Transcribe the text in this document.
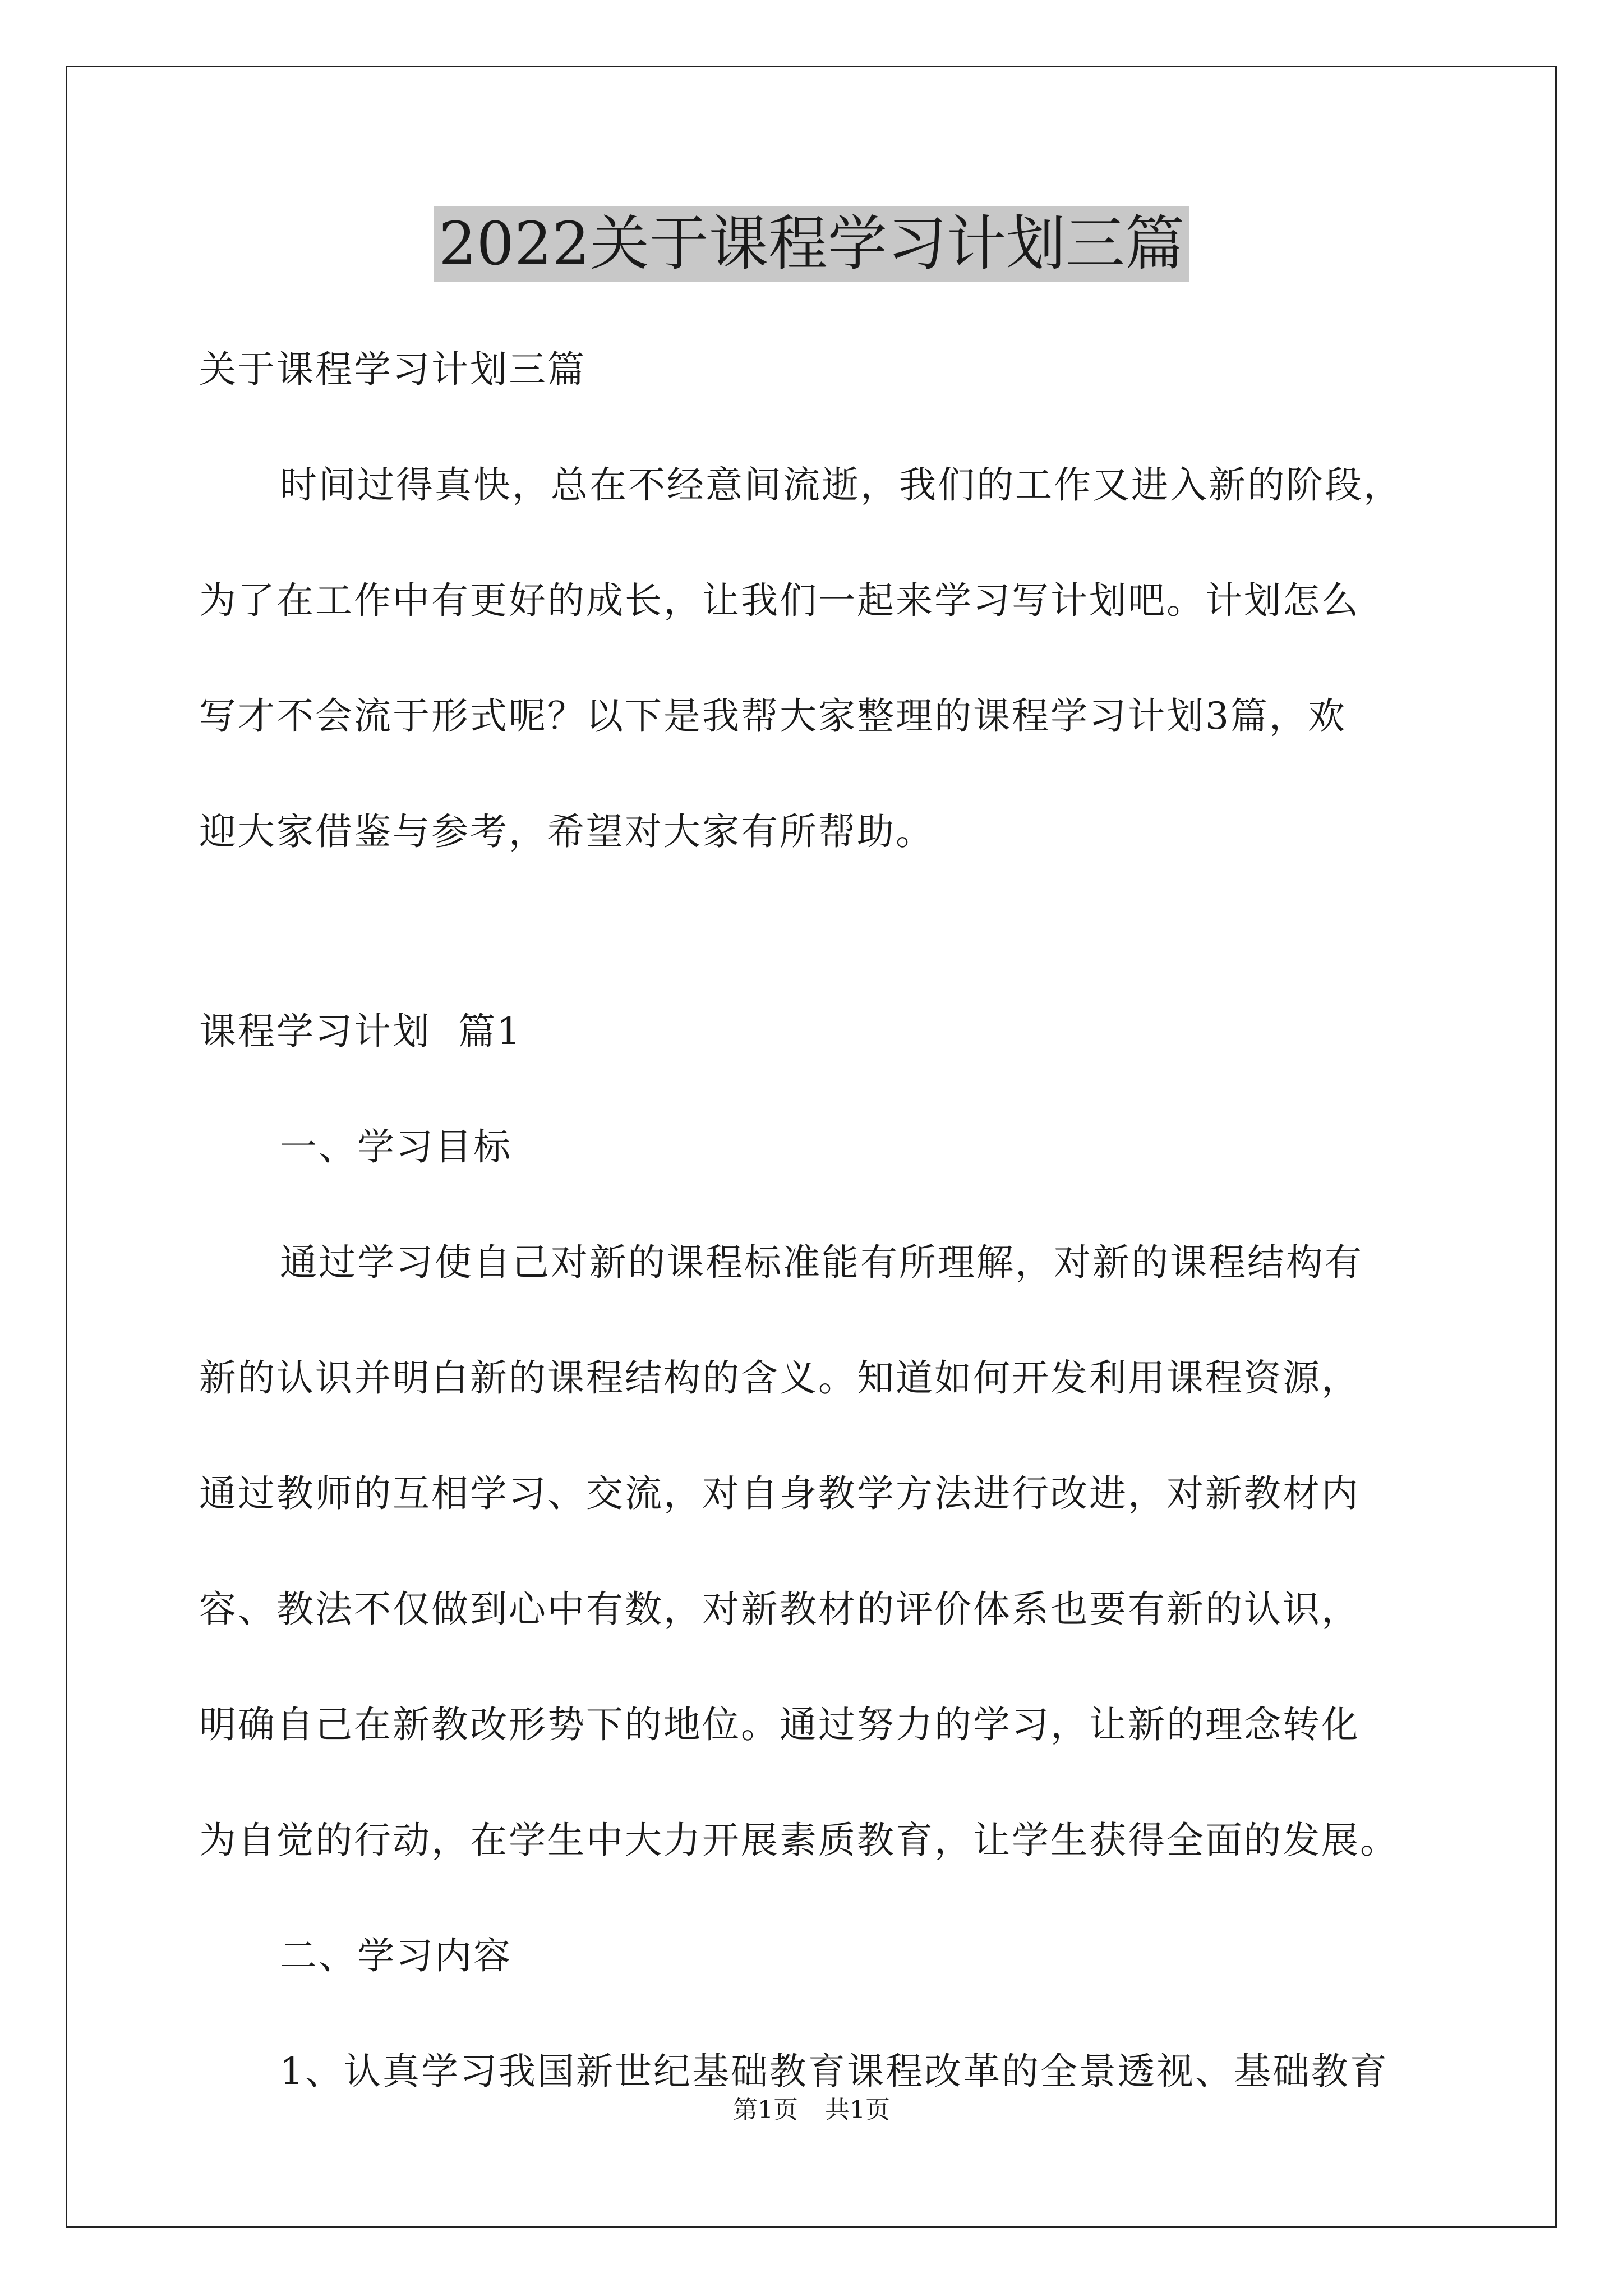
2022关于课程学习计划三篇

关于课程学习计划三篇

时间过得真快，总在不经意间流逝，我们的工作又进入新的阶段，

为了在工作中有更好的成长，让我们一起来学习写计划吧。计划怎么

写才不会流于形式呢？以下是我帮大家整理的课程学习计划3篇，欢

迎大家借鉴与参考，希望对大家有所帮助。

课程学习计划  篇1

一、学习目标

通过学习使自己对新的课程标准能有所理解，对新的课程结构有

新的认识并明白新的课程结构的含义。知道如何开发利用课程资源，

通过教师的互相学习、交流，对自身教学方法进行改进，对新教材内

容、教法不仅做到心中有数，对新教材的评价体系也要有新的认识，

明确自己在新教改形势下的地位。通过努力的学习，让新的理念转化

为自觉的行动，在学生中大力开展素质教育，让学生获得全面的发展。

二、学习内容

1、认真学习我国新世纪基础教育课程改革的全景透视、基础教育

第1页 共1页
